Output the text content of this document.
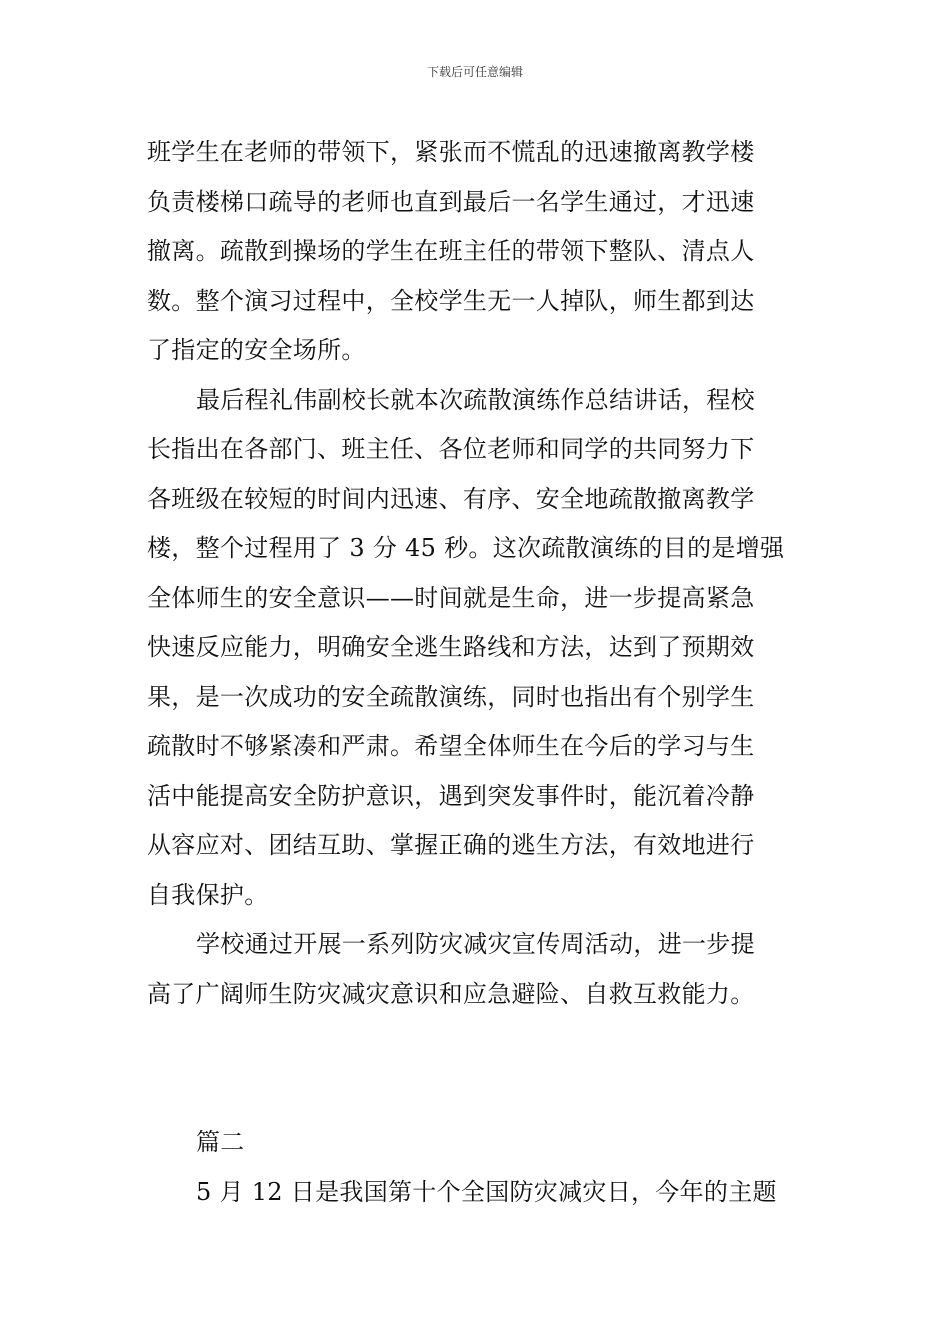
下载后可任意编辑
班学生在老师的带领下，紧张而不慌乱的迅速撤离教学楼
负责楼梯口疏导的老师也直到最后一名学生通过，才迅速
撤离。疏散到操场的学生在班主任的带领下整队、清点人
数。整个演习过程中，全校学生无一人掉队，师生都到达
了指定的安全场所。
最后程礼伟副校长就本次疏散演练作总结讲话，程校
长指出在各部门、班主任、各位老师和同学的共同努力下
各班级在较短的时间内迅速、有序、安全地疏散撤离教学
楼，整个过程用了 3 分 45 秒。这次疏散演练的目的是增强
全体师生的安全意识——时间就是生命，进一步提高紧急
快速反应能力，明确安全逃生路线和方法，达到了预期效
果，是一次成功的安全疏散演练，同时也指出有个别学生
疏散时不够紧凑和严肃。希望全体师生在今后的学习与生
活中能提高安全防护意识，遇到突发事件时，能沉着冷静
从容应对、团结互助、掌握正确的逃生方法，有效地进行
自我保护。
学校通过开展一系列防灾减灾宣传周活动，进一步提
高了广阔师生防灾减灾意识和应急避险、自救互救能力。
篇二
5 月 12 日是我国第十个全国防灾减灾日，今年的主题
